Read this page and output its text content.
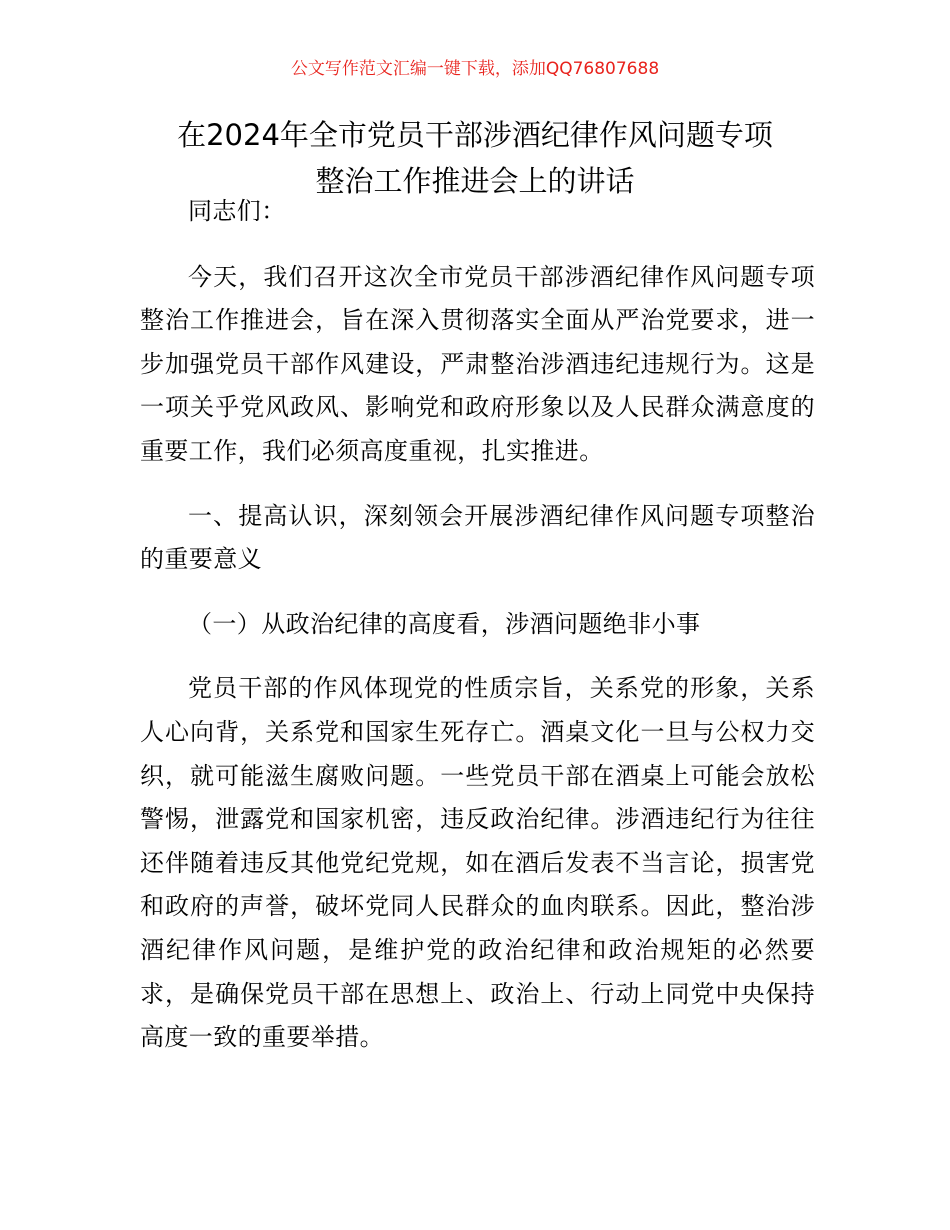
公文写作范文汇编一键下载，添加QQ76807688
在2024年全市党员干部涉酒纪律作风问题专项
整治工作推进会上的讲话

同志们：

今天，我们召开这次全市党员干部涉酒纪律作风问题专项整治工作推进会，旨在深入贯彻落实全面从严治党要求，进一步加强党员干部作风建设，严肃整治涉酒违纪违规行为。这是一项关乎党风政风、影响党和政府形象以及人民群众满意度的重要工作，我们必须高度重视，扎实推进。

一、提高认识，深刻领会开展涉酒纪律作风问题专项整治的重要意义

（一）从政治纪律的高度看，涉酒问题绝非小事

党员干部的作风体现党的性质宗旨，关系党的形象，关系人心向背，关系党和国家生死存亡。酒桌文化一旦与公权力交织，就可能滋生腐败问题。一些党员干部在酒桌上可能会放松警惕，泄露党和国家机密，违反政治纪律。涉酒违纪行为往往还伴随着违反其他党纪党规，如在酒后发表不当言论，损害党和政府的声誉，破坏党同人民群众的血肉联系。因此，整治涉酒纪律作风问题，是维护党的政治纪律和政治规矩的必然要求，是确保党员干部在思想上、政治上、行动上同党中央保持高度一致的重要举措。
